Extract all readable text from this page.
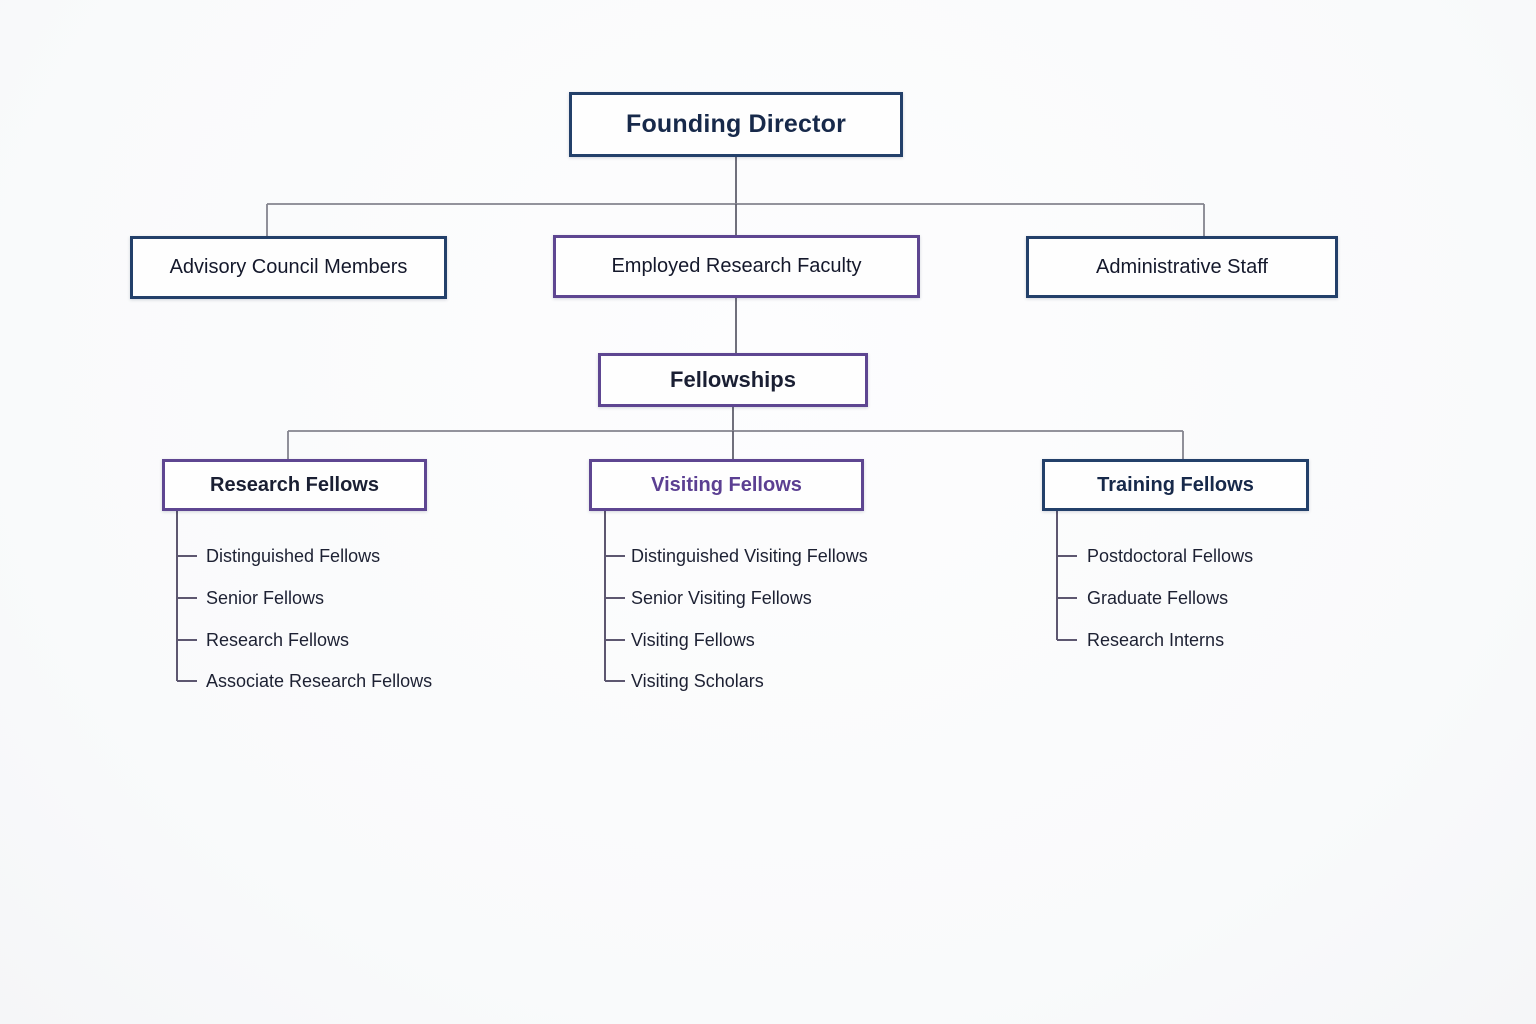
Founding Director
Advisory Council Members	Employed Research Faculty	Administrative Staff
Fellowships
Research Fellows	Visiting Fellows	Training Fellows
Distinguished Fellows
Senior Fellows
Research Fellows
Associate Research Fellows
Distinguished Visiting Fellows
Senior Visiting Fellows
Visiting Fellows
Visiting Scholars
Postdoctoral Fellows
Graduate Fellows
Research Interns
